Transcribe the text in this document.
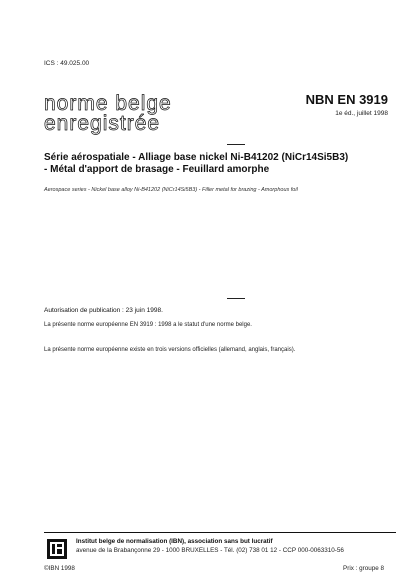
ICS : 49.025.00
norme belge
enregistrée
NBN EN 3919
1e éd., juillet 1998
Série aérospatiale - Alliage base nickel Ni-B41202 (NiCr14Si5B3)
- Métal d'apport de brasage - Feuillard amorphe
Aerospace series - Nickel base alloy Ni-B41202 (NiCr14Si5B3) - Filler metal for brazing - Amorphous foil
Autorisation de publication : 23 juin 1998.
La présente norme européenne EN 3919 : 1998 a le statut d'une norme belge.
La présente norme européenne existe en trois versions officielles (allemand, anglais, français).
Institut belge de normalisation (IBN), association sans but lucratif
avenue de la Brabançonne 29 - 1000 BRUXELLES - Tél. (02) 738 01 12 - CCP 000-0063310-56
©IBN 1998	Prix : groupe 8
